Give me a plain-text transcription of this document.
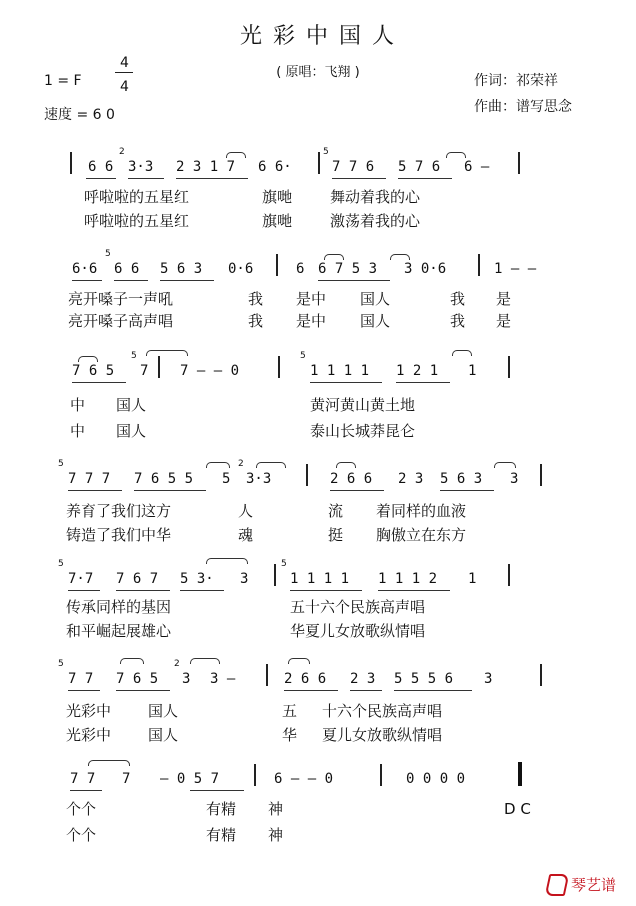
光 彩 中 国 人
( 原唱：飞翔 )
1 = F
4
4
速度 = 6 0
作词：祁荣祥
作曲：谱写思念
6 6
2
3·3 2 3 1 7 6 6·
5
7 7 6 5 7 6 6 –
呼啦啦的五星红	旗哋	舞动着我的心
呼啦啦的五星红	旗哋	激荡着我的心
6·6
5
6 6 5 6 3 0·6	6 6 7 5 3 3 0·6	1 – –
亮开嗓子一声吼	我 是中 国人	我 是
亮开嗓子高声唱	我 是中 国人	我 是
7 6 5
5
7 7 – – 0
5
1 1 1 1 1 2 1 1
中 国人	黄河黄山黄土地
中 国人	泰山长城莽昆仑
5
7 7 7 7 6 5 5 5
2
3·3	2 6 6 2 3 5 6 3 3
养育了我们这方	人	流 着同样的血液
铸造了我们中华	魂	挺 胸傲立在东方
5
7·7 7 6 7 5 3· 3
5
1 1 1 1 1 1 1 2 1
传承同样的基因	五十六个民族高声唱
和平崛起展雄心	华夏儿女放歌纵情唱
5
7 7 7 6 5
2
3 3 –	2 6 6 2 3 5 5 5 6 3
光彩中 国人	五 十六个民族高声唱
光彩中 国人	华 夏儿女放歌纵情唱
7 7 7 – 0 5 7	6 – – 0	0 0 0 0
个个	有精 神	D C
个个	有精 神
琴艺谱
